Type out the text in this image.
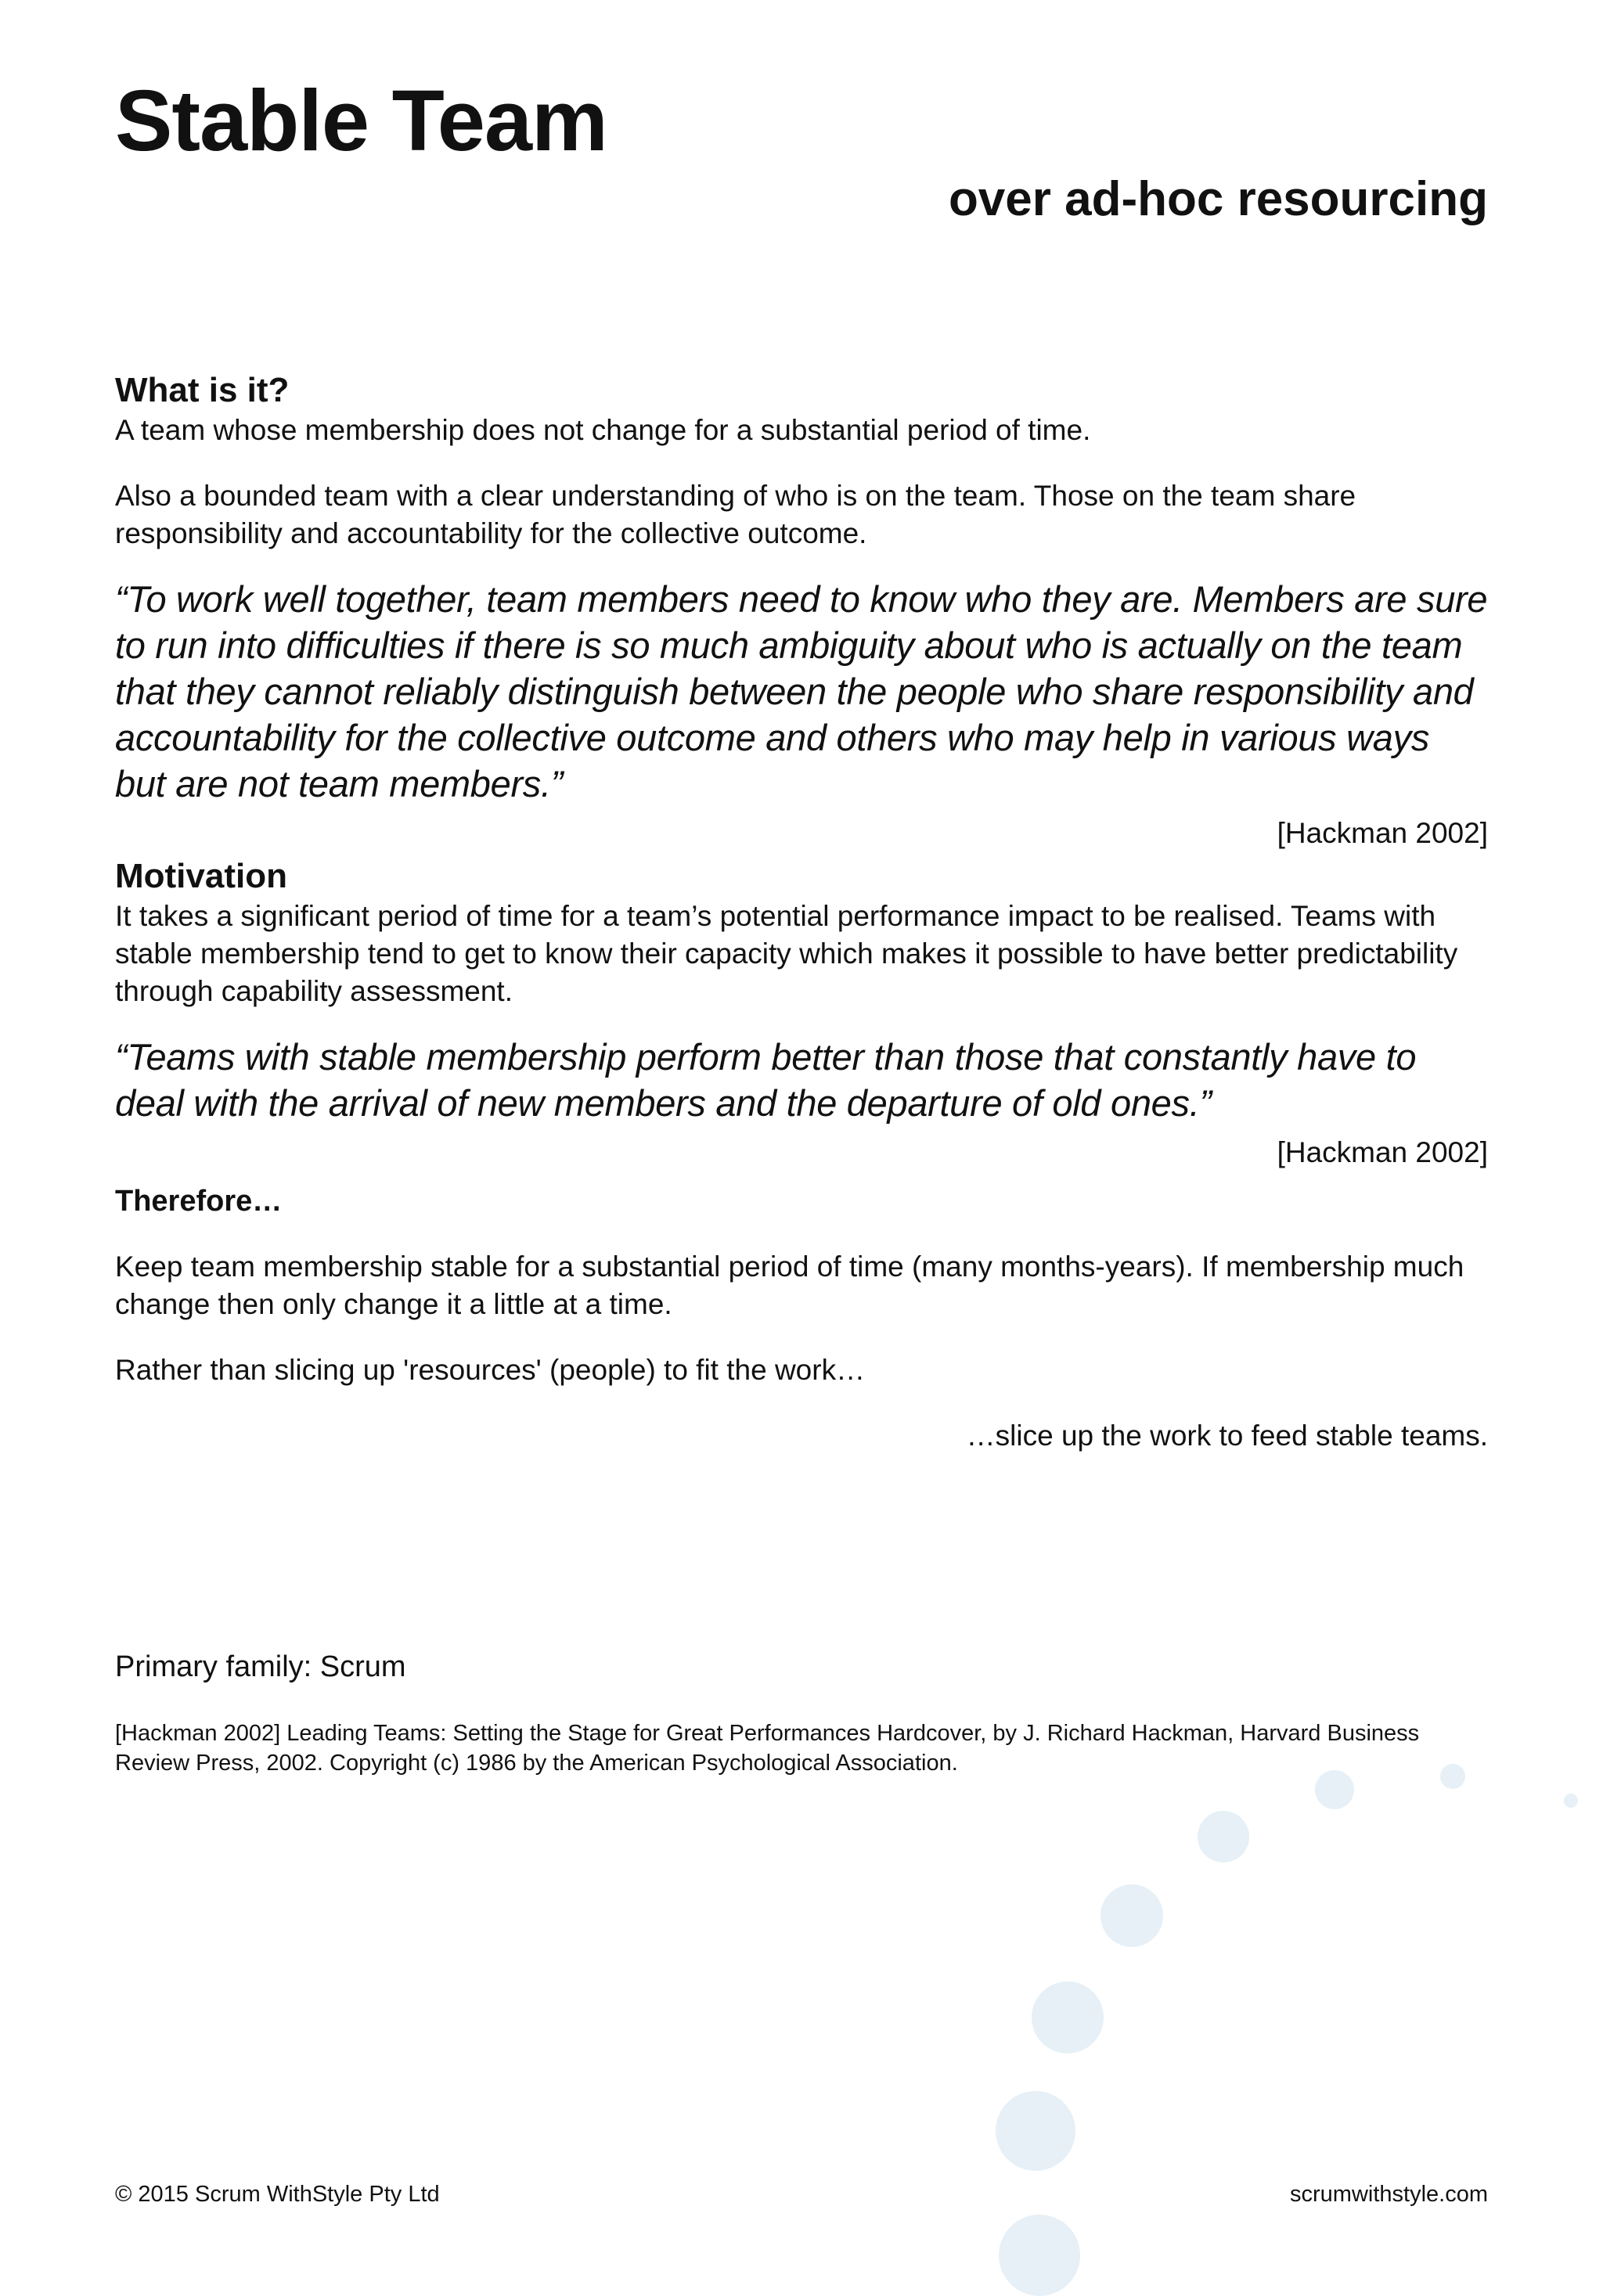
Stable Team
over ad-hoc resourcing
What is it?

A team whose membership does not change for a substantial period of time.

Also a bounded team with a clear understanding of who is on the team. Those on the team share responsibility and accountability for the collective outcome.

“To work well together, team members need to know who they are. Members are sure to run into difficulties if there is so much ambiguity about who is actually on the team that they cannot reliably distinguish between the people who share responsibility and accountability for the collective outcome and others who may help in various ways but are not team members.”

[Hackman 2002]

Motivation

It takes a significant period of time for a team’s potential performance impact to be realised. Teams with stable membership tend to get to know their capacity which makes it possible to have better predictability through capability assessment.

“Teams with stable membership perform better than those that constantly have to deal with the arrival of new members and the departure of old ones.”

[Hackman 2002]

Therefore…

Keep team membership stable for a substantial period of time (many months-years). If membership much change then only change it a little at a time.

Rather than slicing up 'resources' (people) to fit the work…

…slice up the work to feed stable teams.

Primary family: Scrum

[Hackman 2002] Leading Teams: Setting the Stage for Great Performances Hardcover, by J. Richard Hackman, Harvard Business Review Press, 2002. Copyright (c) 1986 by the American Psychological Association.

© 2015 Scrum WithStyle Pty Ltd	scrumwithstyle.com
